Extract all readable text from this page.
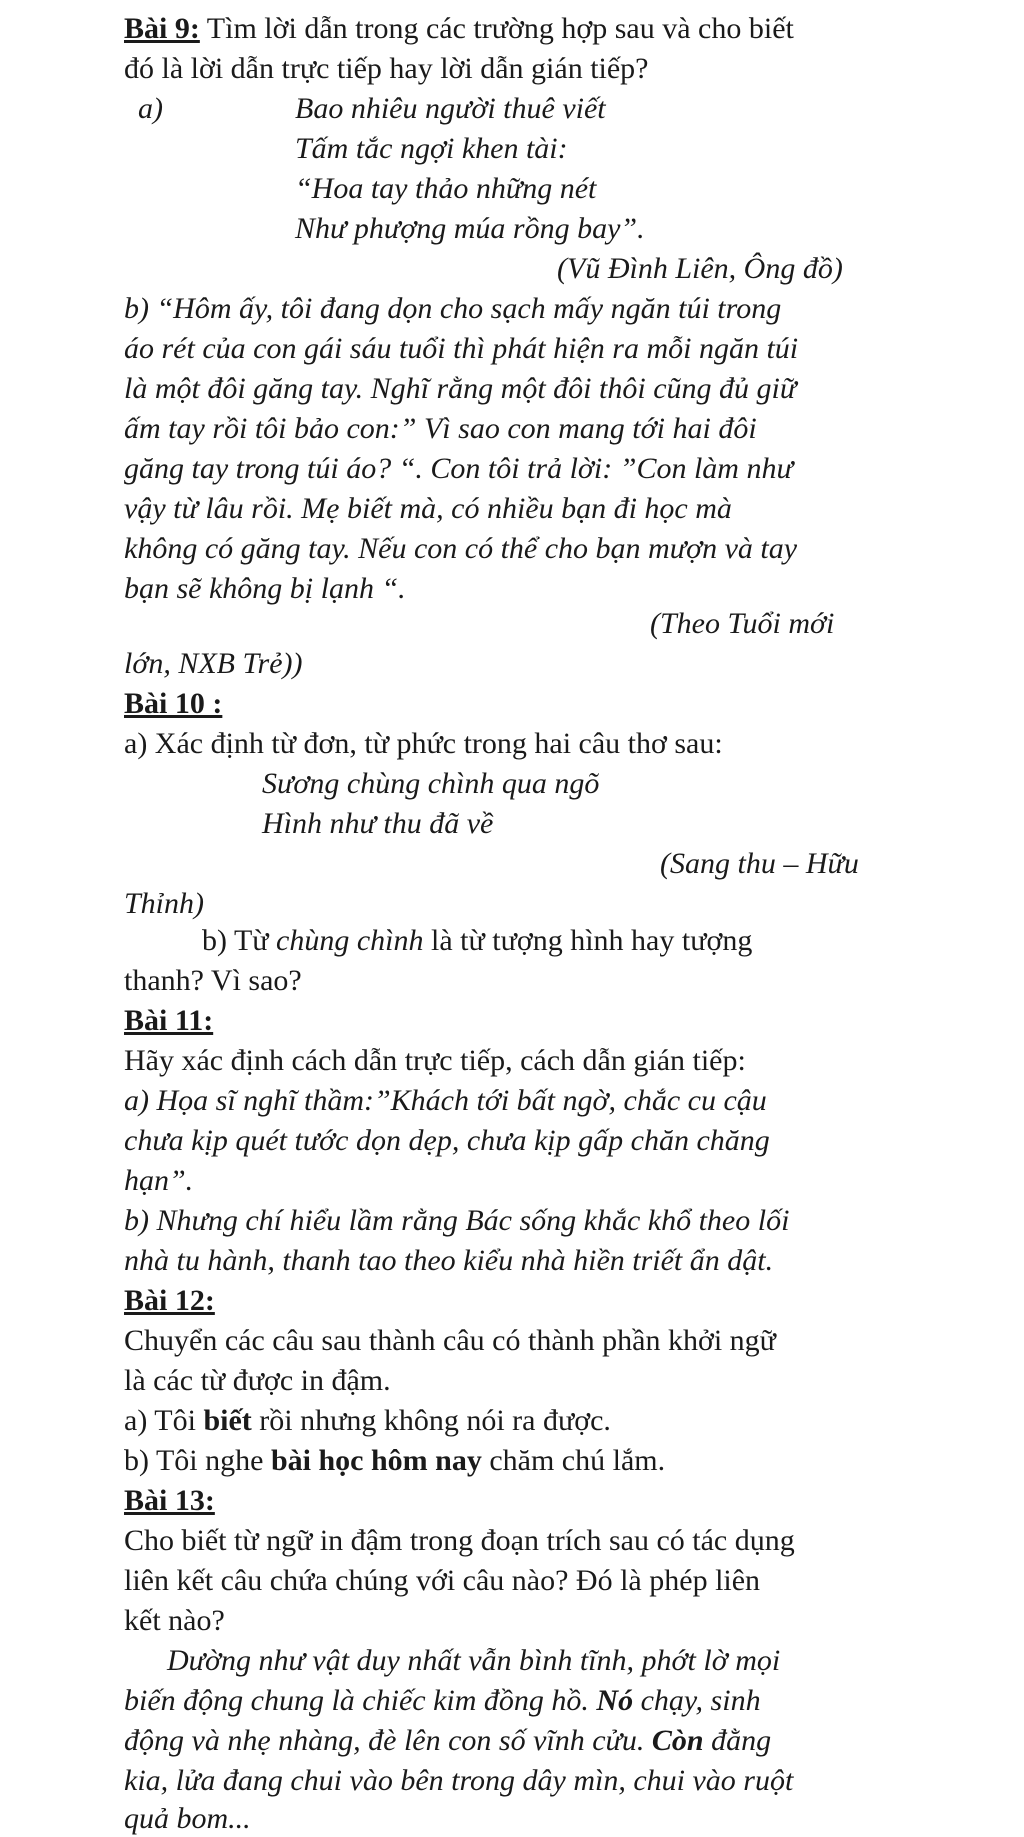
Bài 9: Tìm lời dẫn trong các trường hợp sau và cho biết
đó là lời dẫn trực tiếp hay lời dẫn gián tiếp?
a)	Bao nhiêu người thuê viết
Tấm tắc ngợi khen tài:
“Hoa tay thảo những nét
Như phượng múa rồng bay”.
(Vũ Đình Liên, Ông đồ)
b) “Hôm ấy, tôi đang dọn cho sạch mấy ngăn túi trong
áo rét của con gái sáu tuổi thì phát hiện ra mỗi ngăn túi
là một đôi găng tay. Nghĩ rằng một đôi thôi cũng đủ giữ
ấm tay rồi tôi bảo con:” Vì sao con mang tới hai đôi
găng tay trong túi áo? “. Con tôi trả lời: ”Con làm như
vậy từ lâu rồi. Mẹ biết mà, có nhiều bạn đi học mà
không có găng tay. Nếu con có thể cho bạn mượn và tay
bạn sẽ không bị lạnh “.
(Theo Tuổi mới
lớn, NXB Trẻ))
Bài 10 :
a) Xác định từ đơn, từ phức trong hai câu thơ sau:
Sương chùng chình qua ngõ
Hình như thu đã về
(Sang thu – Hữu
Thỉnh)
b) Từ chùng chình là từ tượng hình hay tượng
thanh? Vì sao?
Bài 11:
Hãy xác định cách dẫn trực tiếp, cách dẫn gián tiếp:
a) Họa sĩ nghĩ thầm:”Khách tới bất ngờ, chắc cu cậu
chưa kịp quét tước dọn dẹp, chưa kịp gấp chăn chăng
hạn”.
b) Nhưng chí hiểu lầm rằng Bác sống khắc khổ theo lối
nhà tu hành, thanh tao theo kiểu nhà hiền triết ẩn dật.
Bài 12:
Chuyển các câu sau thành câu có thành phần khởi ngữ
là các từ được in đậm.
a) Tôi biết rồi nhưng không nói ra được.
b) Tôi nghe bài học hôm nay chăm chú lắm.
Bài 13:
Cho biết từ ngữ in đậm trong đoạn trích sau có tác dụng
liên kết câu chứa chúng với câu nào? Đó là phép liên
kết nào?
Dường như vật duy nhất vẫn bình tĩnh, phớt lờ mọi
biến động chung là chiếc kim đồng hồ. Nó chạy, sinh
động và nhẹ nhàng, đè lên con số vĩnh cửu. Còn đằng
kia, lửa đang chui vào bên trong dây mìn, chui vào ruột
quả bom...
